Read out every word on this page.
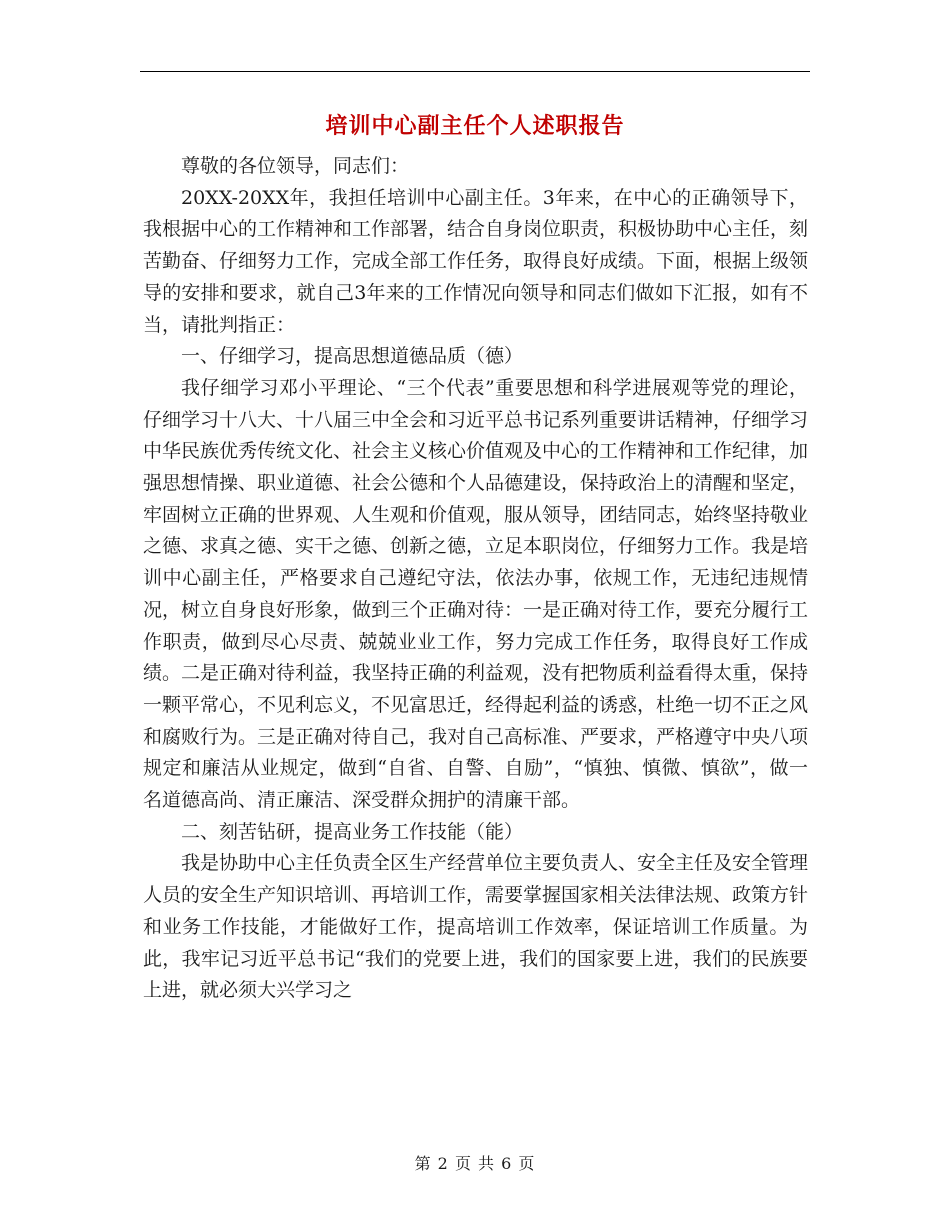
培训中心副主任个人述职报告

尊敬的各位领导，同志们：

20XX-20XX年，我担任培训中心副主任。3年来，在中心的正确领导下，我根据中心的工作精神和工作部署，结合自身岗位职责，积极协助中心主任，刻苦勤奋、仔细努力工作，完成全部工作任务，取得良好成绩。下面，根据上级领导的安排和要求，就自己3年来的工作情况向领导和同志们做如下汇报，如有不当，请批判指正：

一、仔细学习，提高思想道德品质（德）

我仔细学习邓小平理论、“三个代表”重要思想和科学进展观等党的理论，仔细学习十八大、十八届三中全会和习近平总书记系列重要讲话精神，仔细学习中华民族优秀传统文化、社会主义核心价值观及中心的工作精神和工作纪律，加强思想情操、职业道德、社会公德和个人品德建设，保持政治上的清醒和坚定，牢固树立正确的世界观、人生观和价值观，服从领导，团结同志，始终坚持敬业之德、求真之德、实干之德、创新之德，立足本职岗位，仔细努力工作。我是培训中心副主任，严格要求自己遵纪守法，依法办事，依规工作，无违纪违规情况，树立自身良好形象，做到三个正确对待：一是正确对待工作，要充分履行工作职责，做到尽心尽责、兢兢业业工作，努力完成工作任务，取得良好工作成绩。二是正确对待利益，我坚持正确的利益观，没有把物质利益看得太重，保持一颗平常心，不见利忘义，不见富思迁，经得起利益的诱惑，杜绝一切不正之风和腐败行为。三是正确对待自己，我对自己高标准、严要求，严格遵守中央八项规定和廉洁从业规定，做到“自省、自警、自励”，“慎独、慎微、慎欲”，做一名道德高尚、清正廉洁、深受群众拥护的清廉干部。

二、刻苦钻研，提高业务工作技能（能）

我是协助中心主任负责全区生产经营单位主要负责人、安全主任及安全管理人员的安全生产知识培训、再培训工作，需要掌握国家相关法律法规、政策方针和业务工作技能，才能做好工作，提高培训工作效率，保证培训工作质量。为此，我牢记习近平总书记“我们的党要上进，我们的国家要上进，我们的民族要上进，就必须大兴学习之

第 2 页 共 6 页
